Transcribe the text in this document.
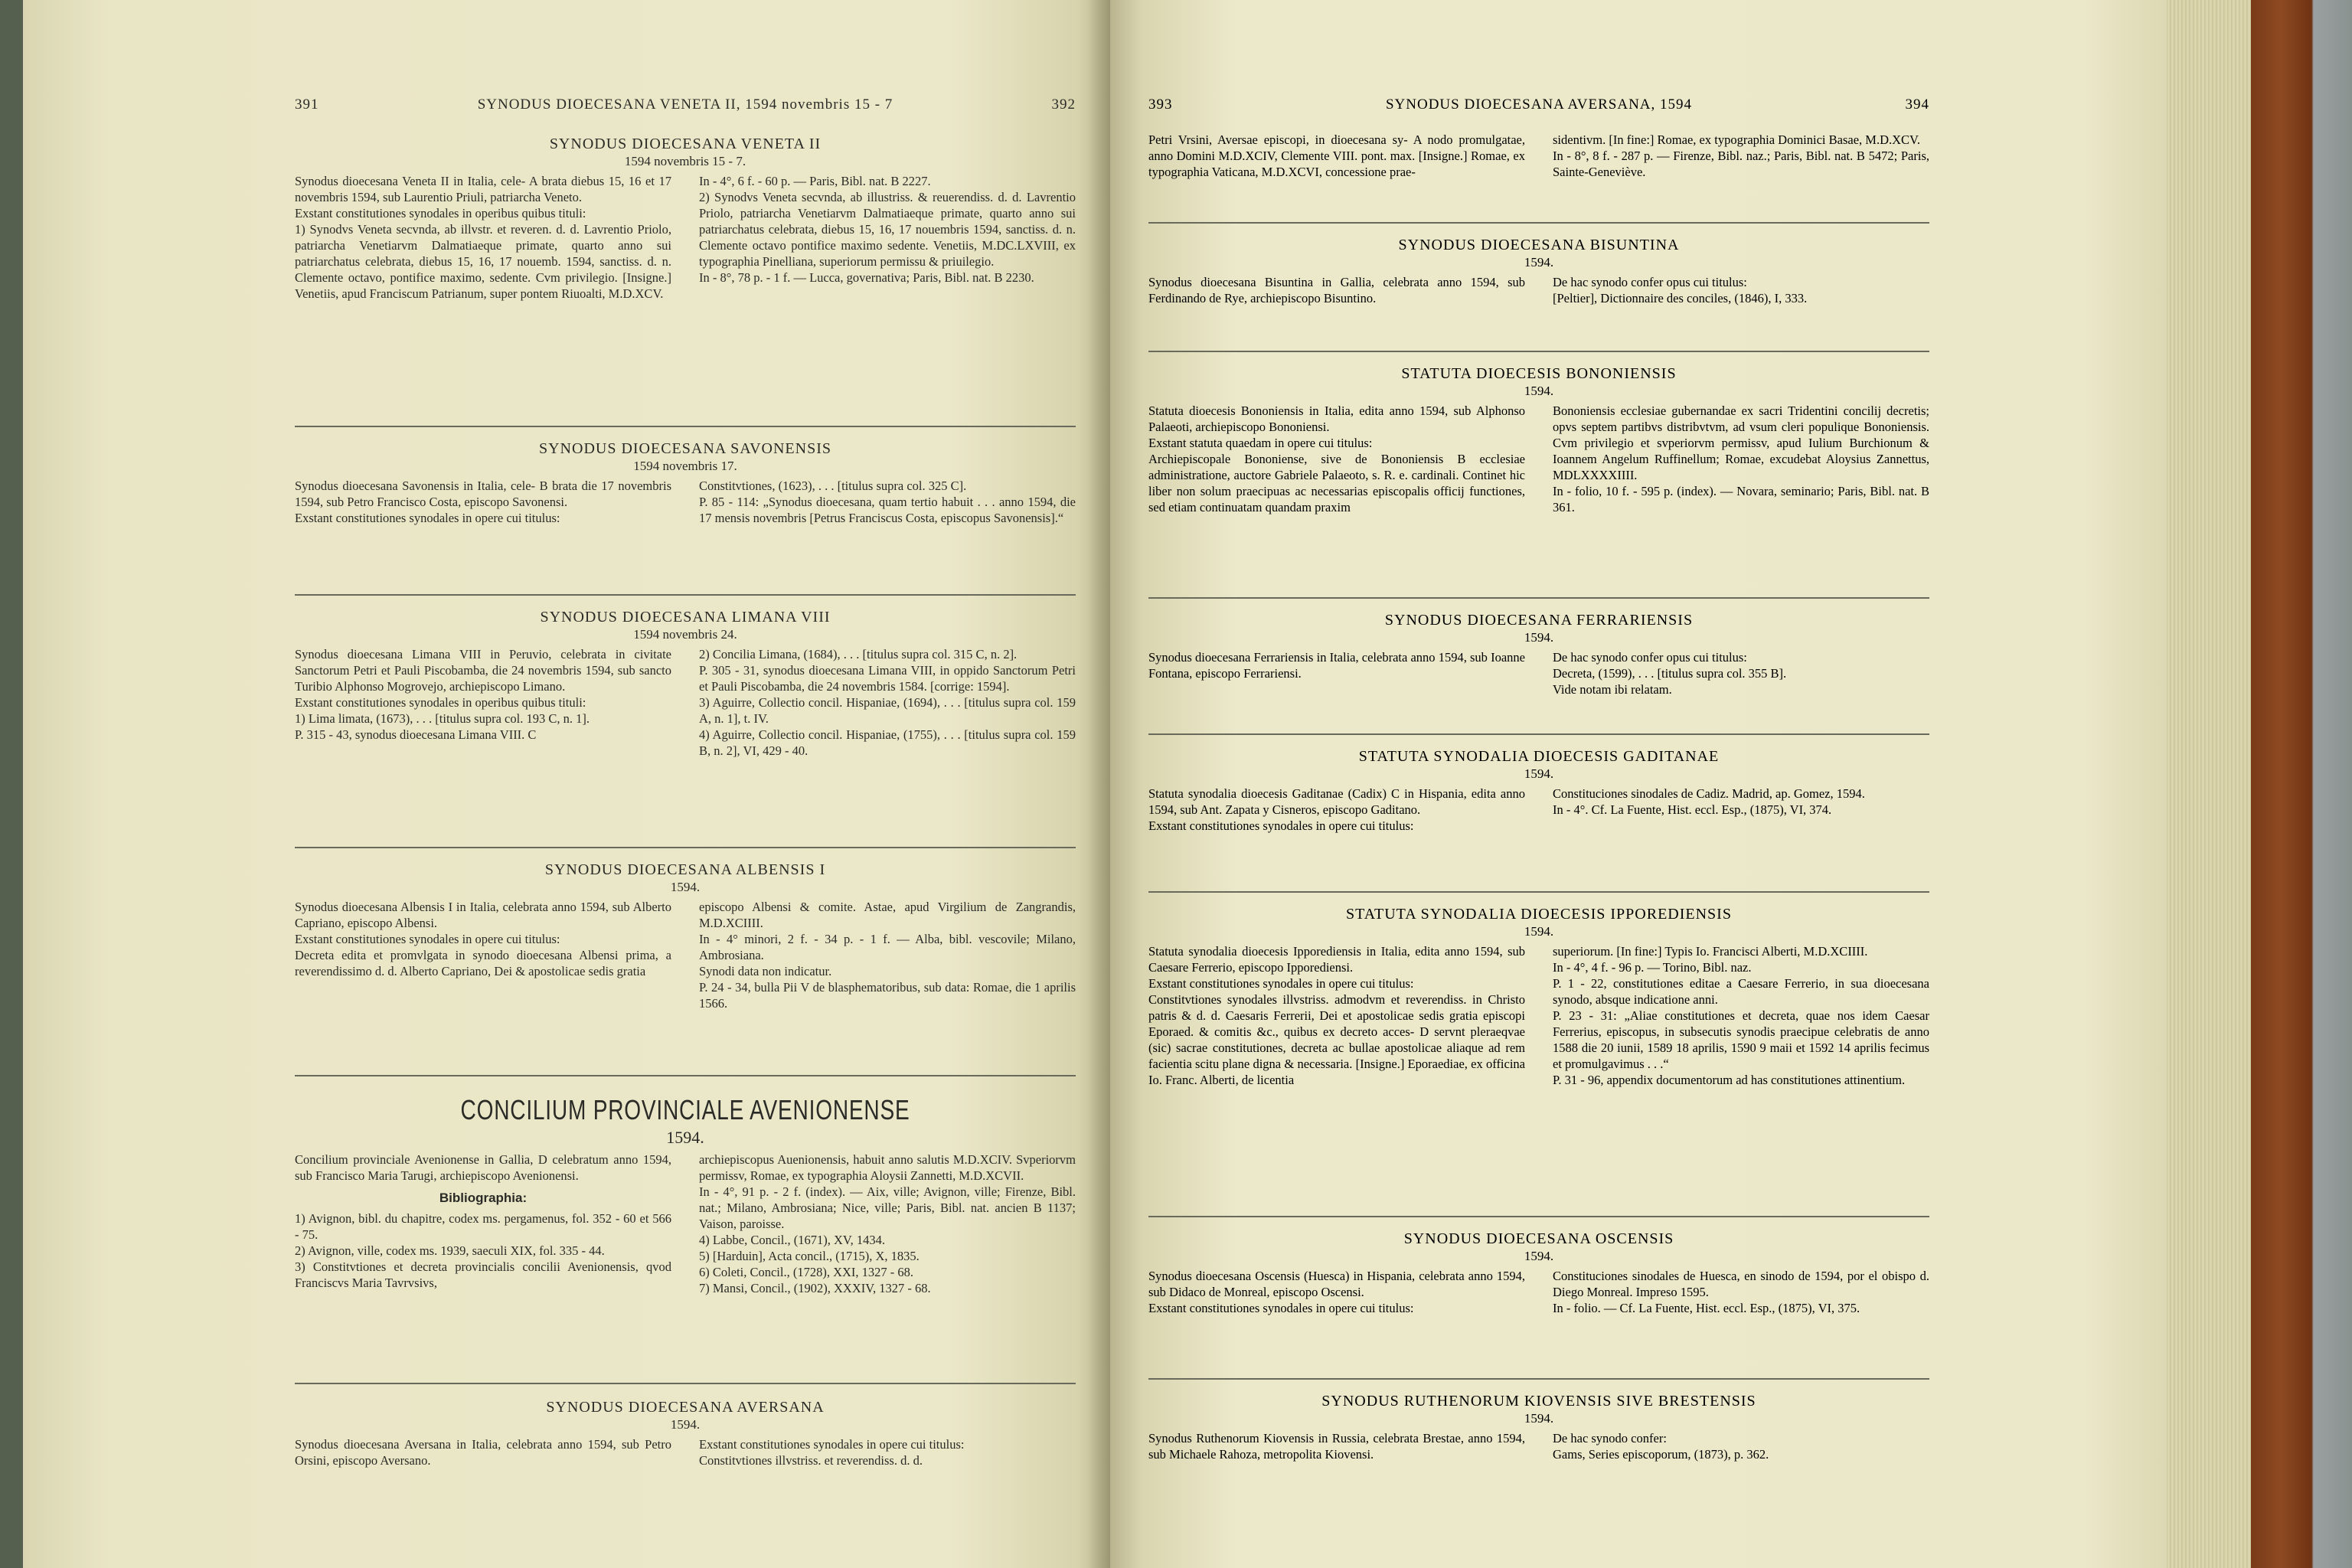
391	SYNODUS DIOECESANA VENETA II, 1594 novembris 15 - 7	392
SYNODUS DIOECESANA VENETA II
1594 novembris 15 - 7.

Synodus dioecesana Veneta II in Italia, cele- A brata diebus 15, 16 et 17 novembris 1594, sub Laurentio Priuli, patriarcha Veneto.

Exstant constitutiones synodales in operibus quibus tituli:

1) Synodvs Veneta secvnda, ab illvstr. et reveren. d. d. Lavrentio Priolo, patriarcha Venetiarvm Dalmatiaeque primate, quarto anno sui patriarchatus celebrata, diebus 15, 16, 17 nouemb. 1594, sanctiss. d. n. Clemente octavo, pontifice maximo, sedente. Cvm privilegio. [Insigne.] Venetiis, apud Franciscum Patrianum, super pontem Riuoalti, M.D.XCV.

In - 4°, 6 f. - 60 p. — Paris, Bibl. nat. B 2227.

2) Synodvs Veneta secvnda, ab illustriss. & reuerendiss. d. d. Lavrentio Priolo, patriarcha Venetiarvm Dalmatiaeque primate, quarto anno sui patriarchatus celebrata, diebus 15, 16, 17 nouembris 1594, sanctiss. d. n. Clemente octavo pontifice maximo sedente. Venetiis, M.DC.LXVIII, ex typographia Pinelliana, superiorum permissu & priuilegio.

In - 8°, 78 p. - 1 f. — Lucca, governativa; Paris, Bibl. nat. B 2230.

SYNODUS DIOECESANA SAVONENSIS
1594 novembris 17.

Synodus dioecesana Savonensis in Italia, cele- B brata die 17 novembris 1594, sub Petro Francisco Costa, episcopo Savonensi.

Exstant constitutiones synodales in opere cui titulus:

Constitvtiones, (1623), . . . [titulus supra col. 325 C].

P. 85 - 114: „Synodus dioecesana, quam tertio habuit . . . anno 1594, die 17 mensis novembris [Petrus Franciscus Costa, episcopus Savonensis].“

SYNODUS DIOECESANA LIMANA VIII
1594 novembris 24.

Synodus dioecesana Limana VIII in Peruvio, celebrata in civitate Sanctorum Petri et Pauli Piscobamba, die 24 novembris 1594, sub sancto Turibio Alphonso Mogrovejo, archiepiscopo Limano.

Exstant constitutiones synodales in operibus quibus tituli:

1) Lima limata, (1673), . . . [titulus supra col. 193 C, n. 1].

P. 315 - 43, synodus dioecesana Limana VIII. C

2) Concilia Limana, (1684), . . . [titulus supra col. 315 C, n. 2].

P. 305 - 31, synodus dioecesana Limana VIII, in oppido Sanctorum Petri et Pauli Piscobamba, die 24 novembris 1584. [corrige: 1594].

3) Aguirre, Collectio concil. Hispaniae, (1694), . . . [titulus supra col. 159 A, n. 1], t. IV.

4) Aguirre, Collectio concil. Hispaniae, (1755), . . . [titulus supra col. 159 B, n. 2], VI, 429 - 40.

SYNODUS DIOECESANA ALBENSIS I
1594.

Synodus dioecesana Albensis I in Italia, celebrata anno 1594, sub Alberto Capriano, episcopo Albensi.

Exstant constitutiones synodales in opere cui titulus:

Decreta edita et promvlgata in synodo dioecesana Albensi prima, a reverendissimo d. d. Alberto Capriano, Dei & apostolicae sedis gratia

episcopo Albensi & comite. Astae, apud Virgilium de Zangrandis, M.D.XCIIII.

In - 4° minori, 2 f. - 34 p. - 1 f. — Alba, bibl. vescovile; Milano, Ambrosiana.

Synodi data non indicatur.

P. 24 - 34, bulla Pii V de blasphematoribus, sub data: Romae, die 1 aprilis 1566.

CONCILIUM PROVINCIALE AVENIONENSE
1594.

Concilium provinciale Avenionense in Gallia, D celebratum anno 1594, sub Francisco Maria Tarugi, archiepiscopo Avenionensi.

Bibliographia:

1) Avignon, bibl. du chapitre, codex ms. pergamenus, fol. 352 - 60 et 566 - 75.

2) Avignon, ville, codex ms. 1939, saeculi XIX, fol. 335 - 44.

3) Constitvtiones et decreta provincialis concilii Avenionensis, qvod Franciscvs Maria Tavrvsivs,

archiepiscopus Auenionensis, habuit anno salutis M.D.XCIV. Svperiorvm permissv, Romae, ex typographia Aloysii Zannetti, M.D.XCVII.

In - 4°, 91 p. - 2 f. (index). — Aix, ville; Avignon, ville; Firenze, Bibl. nat.; Milano, Ambrosiana; Nice, ville; Paris, Bibl. nat. ancien B 1137; Vaison, paroisse.

4) Labbe, Concil., (1671), XV, 1434.

5) [Harduin], Acta concil., (1715), X, 1835.

6) Coleti, Concil., (1728), XXI, 1327 - 68.

7) Mansi, Concil., (1902), XXXIV, 1327 - 68.

SYNODUS DIOECESANA AVERSANA
1594.

Synodus dioecesana Aversana in Italia, celebrata anno 1594, sub Petro Orsini, episcopo Aversano.

Exstant constitutiones synodales in opere cui titulus:

Constitvtiones illvstriss. et reverendiss. d. d.

393	SYNODUS DIOECESANA AVERSANA, 1594	394

Petri Vrsini, Aversae episcopi, in dioecesana sy- A nodo promulgatae, anno Domini M.D.XCIV, Clemente VIII. pont. max. [Insigne.] Romae, ex typographia Vaticana, M.D.XCVI, concessione prae-

sidentivm. [In fine:] Romae, ex typographia Dominici Basae, M.D.XCV.

In - 8°, 8 f. - 287 p. — Firenze, Bibl. naz.; Paris, Bibl. nat. B 5472; Paris, Sainte-Geneviève.

SYNODUS DIOECESANA BISUNTINA
1594.

Synodus dioecesana Bisuntina in Gallia, celebrata anno 1594, sub Ferdinando de Rye, archiepiscopo Bisuntino.

De hac synodo confer opus cui titulus:

[Peltier], Dictionnaire des conciles, (1846), I, 333.

STATUTA DIOECESIS BONONIENSIS
1594.

Statuta dioecesis Bononiensis in Italia, edita anno 1594, sub Alphonso Palaeoti, archiepiscopo Bononiensi.

Exstant statuta quaedam in opere cui titulus:

Archiepiscopale Bononiense, sive de Bononiensis B ecclesiae administratione, auctore Gabriele Palaeoto, s. R. e. cardinali. Continet hic liber non solum praecipuas ac necessarias episcopalis officij functiones, sed etiam continuatam quandam praxim

Bononiensis ecclesiae gubernandae ex sacri Tridentini concilij decretis; opvs septem partibvs distribvtvm, ad vsum cleri populique Bononiensis. Cvm privilegio et svperiorvm permissv, apud Iulium Burchionum & Ioannem Angelum Ruffinellum; Romae, excudebat Aloysius Zannettus, MDLXXXXIIII.

In - folio, 10 f. - 595 p. (index). — Novara, seminario; Paris, Bibl. nat. B 361.

SYNODUS DIOECESANA FERRARIENSIS
1594.

Synodus dioecesana Ferrariensis in Italia, celebrata anno 1594, sub Ioanne Fontana, episcopo Ferrariensi.

De hac synodo confer opus cui titulus:

Decreta, (1599), . . . [titulus supra col. 355 B].

Vide notam ibi relatam.

STATUTA SYNODALIA DIOECESIS GADITANAE
1594.

Statuta synodalia dioecesis Gaditanae (Cadix) C in Hispania, edita anno 1594, sub Ant. Zapata y Cisneros, episcopo Gaditano.

Exstant constitutiones synodales in opere cui titulus:

Constituciones sinodales de Cadiz. Madrid, ap. Gomez, 1594.

In - 4°. Cf. La Fuente, Hist. eccl. Esp., (1875), VI, 374.

STATUTA SYNODALIA DIOECESIS IPPOREDIENSIS
1594.

Statuta synodalia dioecesis Ipporediensis in Italia, edita anno 1594, sub Caesare Ferrerio, episcopo Ipporediensi.

Exstant constitutiones synodales in opere cui titulus:

Constitvtiones synodales illvstriss. admodvm et reverendiss. in Christo patris & d. d. Caesaris Ferrerii, Dei et apostolicae sedis gratia episcopi Eporaed. & comitis &c., quibus ex decreto acces- D servnt pleraeqvae (sic) sacrae constitutiones, decreta ac bullae apostolicae aliaque ad rem facientia scitu plane digna & necessaria. [Insigne.] Eporaediae, ex officina Io. Franc. Alberti, de licentia

superiorum. [In fine:] Typis Io. Francisci Alberti, M.D.XCIIII.

In - 4°, 4 f. - 96 p. — Torino, Bibl. naz.

P. 1 - 22, constitutiones editae a Caesare Ferrerio, in sua dioecesana synodo, absque indicatione anni.

P. 23 - 31: „Aliae constitutiones et decreta, quae nos idem Caesar Ferrerius, episcopus, in subsecutis synodis praecipue celebratis de anno 1588 die 20 iunii, 1589 18 aprilis, 1590 9 maii et 1592 14 aprilis fecimus et promulgavimus . . .“

P. 31 - 96, appendix documentorum ad has constitutiones attinentium.

SYNODUS DIOECESANA OSCENSIS
1594.

Synodus dioecesana Oscensis (Huesca) in Hispania, celebrata anno 1594, sub Didaco de Monreal, episcopo Oscensi.

Exstant constitutiones synodales in opere cui titulus:

Constituciones sinodales de Huesca, en sinodo de 1594, por el obispo d. Diego Monreal. Impreso 1595.

In - folio. — Cf. La Fuente, Hist. eccl. Esp., (1875), VI, 375.

SYNODUS RUTHENORUM KIOVENSIS SIVE BRESTENSIS
1594.

Synodus Ruthenorum Kiovensis in Russia, celebrata Brestae, anno 1594, sub Michaele Rahoza, metropolita Kiovensi.

De hac synodo confer:

Gams, Series episcoporum, (1873), p. 362.
